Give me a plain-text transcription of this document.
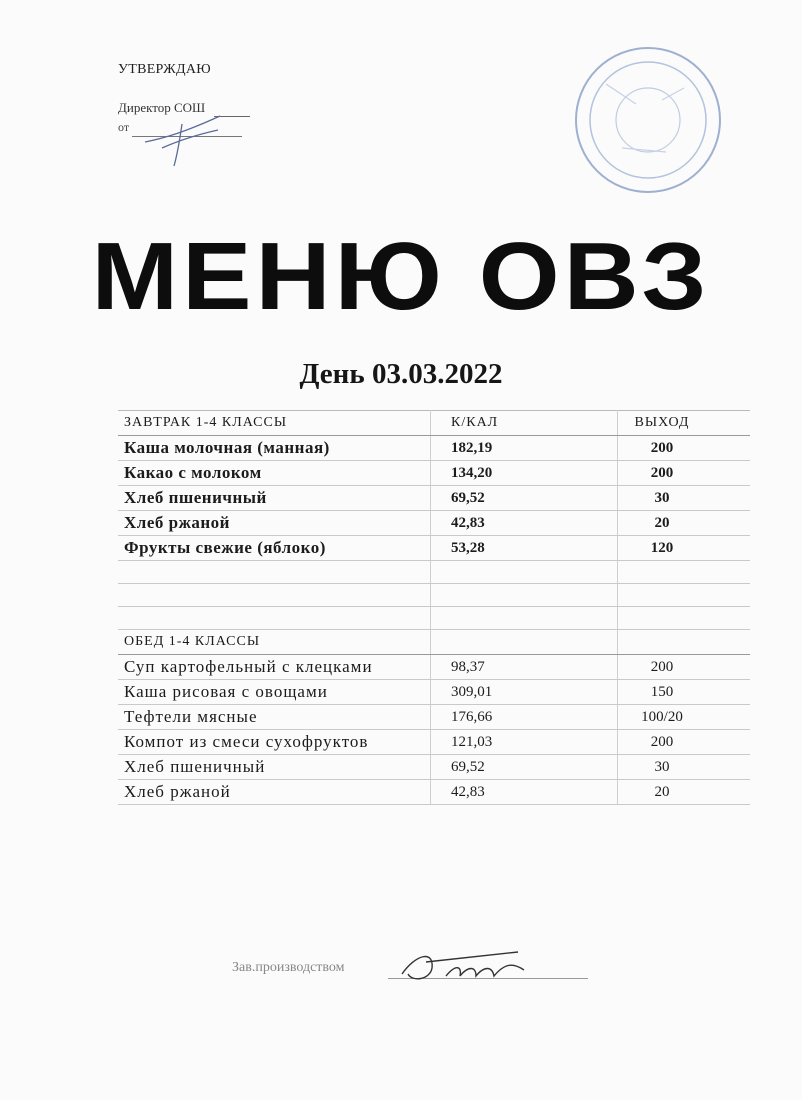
УТВЕРЖДАЮ
Директор СОШ
от
МЕНЮ ОВЗ
День 03.03.2022
ЗАВТРАК 1-4 КЛАССЫ	К/КАЛ	ВЫХОД
Каша молочная (манная)	182,19	200
Какао с молоком	134,20	200
Хлеб пшеничный	69,52	30
Хлеб ржаной	42,83	20
Фрукты свежие (яблоко)	53,28	120

ОБЕД 1-4 КЛАССЫ		
Суп картофельный с клецками	98,37	200
Каша рисовая с овощами	309,01	150
Тефтели мясные	176,66	100/20
Компот из смеси сухофруктов	121,03	200
Хлеб пшеничный	69,52	30
Хлеб ржаной	42,83	20
Зав.производством
